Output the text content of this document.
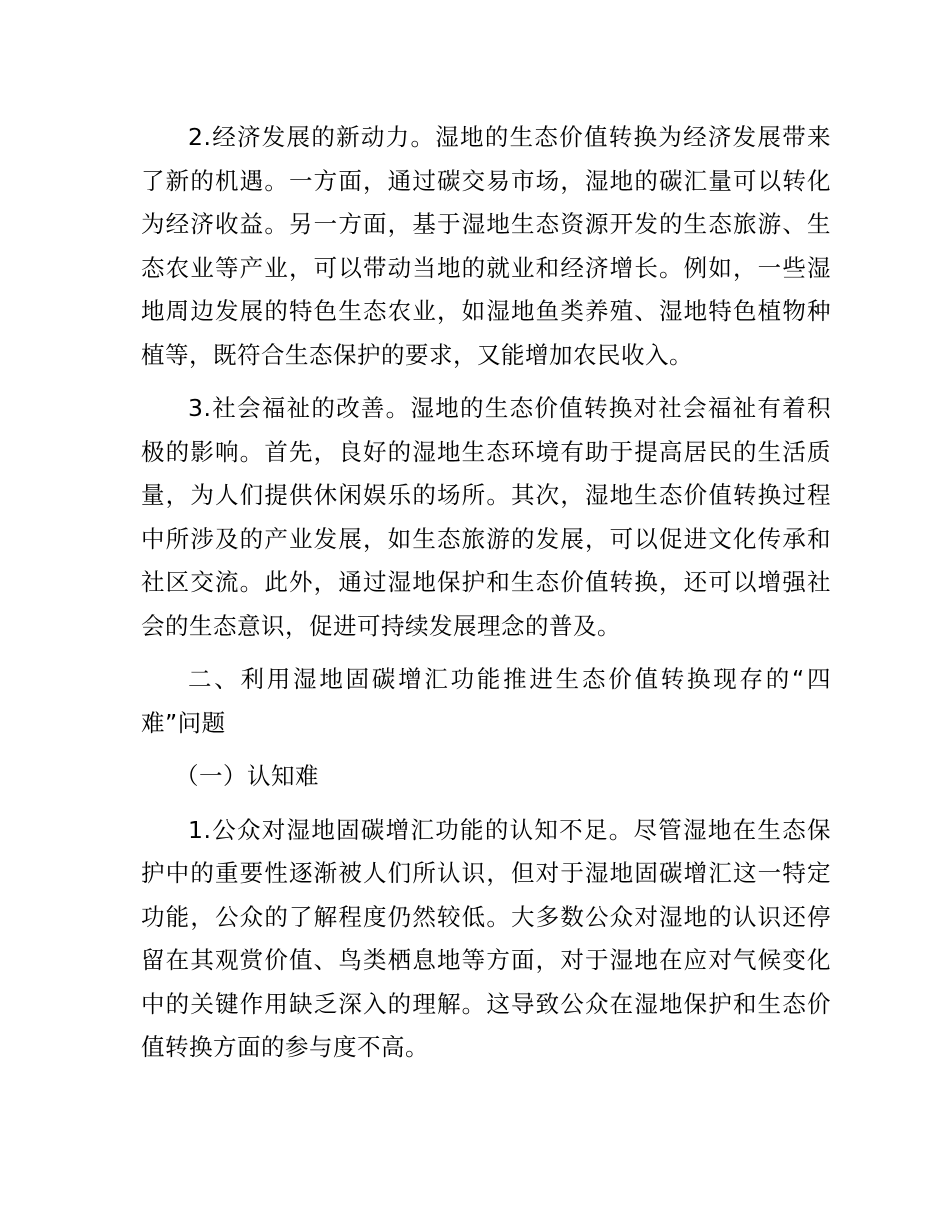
2.经济发展的新动力。湿地的生态价值转换为经济发展带来了新的机遇。一方面，通过碳交易市场，湿地的碳汇量可以转化为经济收益。另一方面，基于湿地生态资源开发的生态旅游、生态农业等产业，可以带动当地的就业和经济增长。例如，一些湿地周边发展的特色生态农业，如湿地鱼类养殖、湿地特色植物种植等，既符合生态保护的要求，又能增加农民收入。

3.社会福祉的改善。湿地的生态价值转换对社会福祉有着积极的影响。首先，良好的湿地生态环境有助于提高居民的生活质量，为人们提供休闲娱乐的场所。其次，湿地生态价值转换过程中所涉及的产业发展，如生态旅游的发展，可以促进文化传承和社区交流。此外，通过湿地保护和生态价值转换，还可以增强社会的生态意识，促进可持续发展理念的普及。

二、利用湿地固碳增汇功能推进生态价值转换现存的“四难”问题

（一）认知难

1.公众对湿地固碳增汇功能的认知不足。尽管湿地在生态保护中的重要性逐渐被人们所认识，但对于湿地固碳增汇这一特定功能，公众的了解程度仍然较低。大多数公众对湿地的认识还停留在其观赏价值、鸟类栖息地等方面，对于湿地在应对气候变化中的关键作用缺乏深入的理解。这导致公众在湿地保护和生态价值转换方面的参与度不高。
